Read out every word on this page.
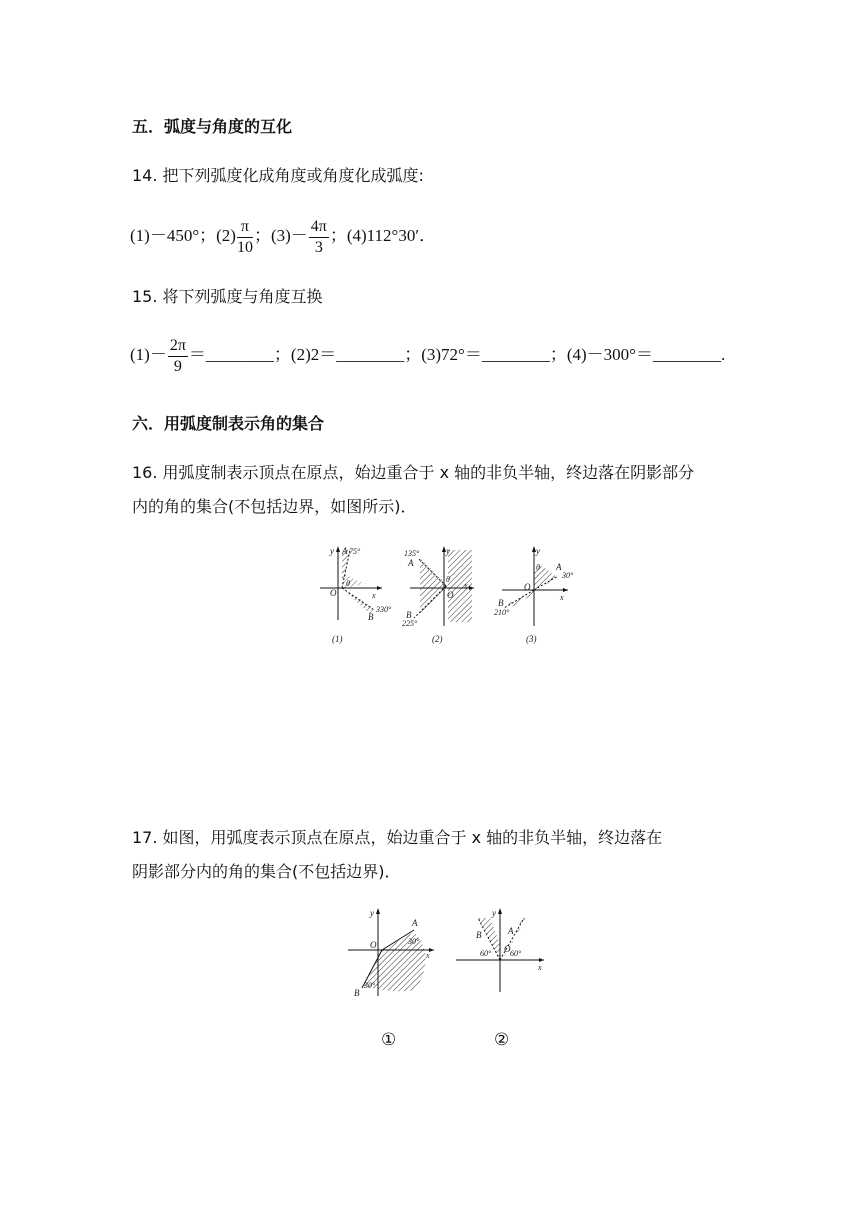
五．弧度与角度的互化
14. 把下列弧度化成角度或角度化成弧度:
(1)－450°；$(2) \frac{\pi}{10}$ ；$(3)- \frac{4\pi}{3}$ ；(4)112°30′．
15. 将下列弧度与角度互换
$(1)- \frac{2\pi}{9}$ ＝________；(2)2＝________；(3)72°＝________；(4)－300°＝________.
六．用弧度制表示角的集合
16. 用弧度制表示顶点在原点，始边重合于 x 轴的非负半轴，终边落在阴影部分
内的角的集合(不包括边界，如图所示)．
y A 75°
θ
O	x
330°
B
(1)
135°	y
A
θ
x
O
B
225°
(2)
y
θ A
30°
O
x
B
210°
(3)
17. 如图，用弧度表示顶点在原点，始边重合于 x 轴的非负半轴，终边落在
阴影部分内的角的集合(不包括边界)．
y
A
30°
O
x
30°
B
y
B	A
O
60° 60°
x
①	②
